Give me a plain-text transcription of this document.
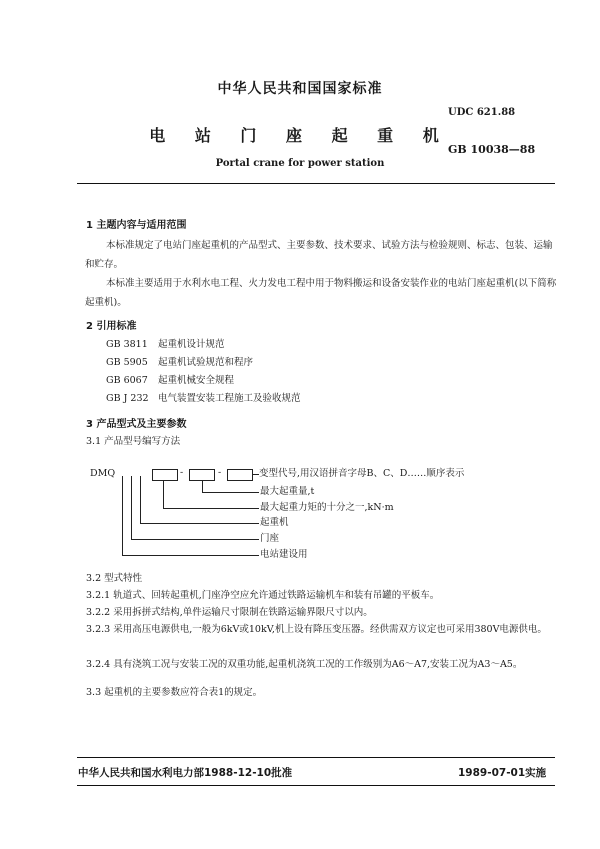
中华人民共和国国家标准
UDC 621.88
电 站 门 座 起 重 机
GB 10038—88
Portal crane for power station
1 主题内容与适用范围
本标准规定了电站门座起重机的产品型式、主要参数、技术要求、试验方法与检验规则、标志、包装、运输和贮存。
本标准主要适用于水利水电工程、火力发电工程中用于物料搬运和设备安装作业的电站门座起重机(以下简称起重机)。
2 引用标准
GB 3811 起重机设计规范
GB 5905 起重机试验规范和程序
GB 6067 起重机械安全规程
GB J 232 电气装置安装工程施工及验收规范
3 产品型式及主要参数
3.1 产品型号编写方法
DMQ	-	-	变型代号,用汉语拼音字母B、C、D……顺序表示
最大起重量,t
最大起重力矩的十分之一,kN·m
起重机
门座
电站建设用
3.2 型式特性
3.2.1 轨道式、回转起重机,门座净空应允许通过铁路运输机车和装有吊罐的平板车。
3.2.2 采用拆拼式结构,单件运输尺寸限制在铁路运输界限尺寸以内。
3.2.3 采用高压电源供电,一般为6kV或10kV,机上设有降压变压器。经供需双方议定也可采用380V电源供电。
3.2.4 具有浇筑工况与安装工况的双重功能,起重机浇筑工况的工作级别为A6～A7,安装工况为A3～A5。
3.3 起重机的主要参数应符合表1的规定。
中华人民共和国水利电力部1988-12-10批准	1989-07-01实施
